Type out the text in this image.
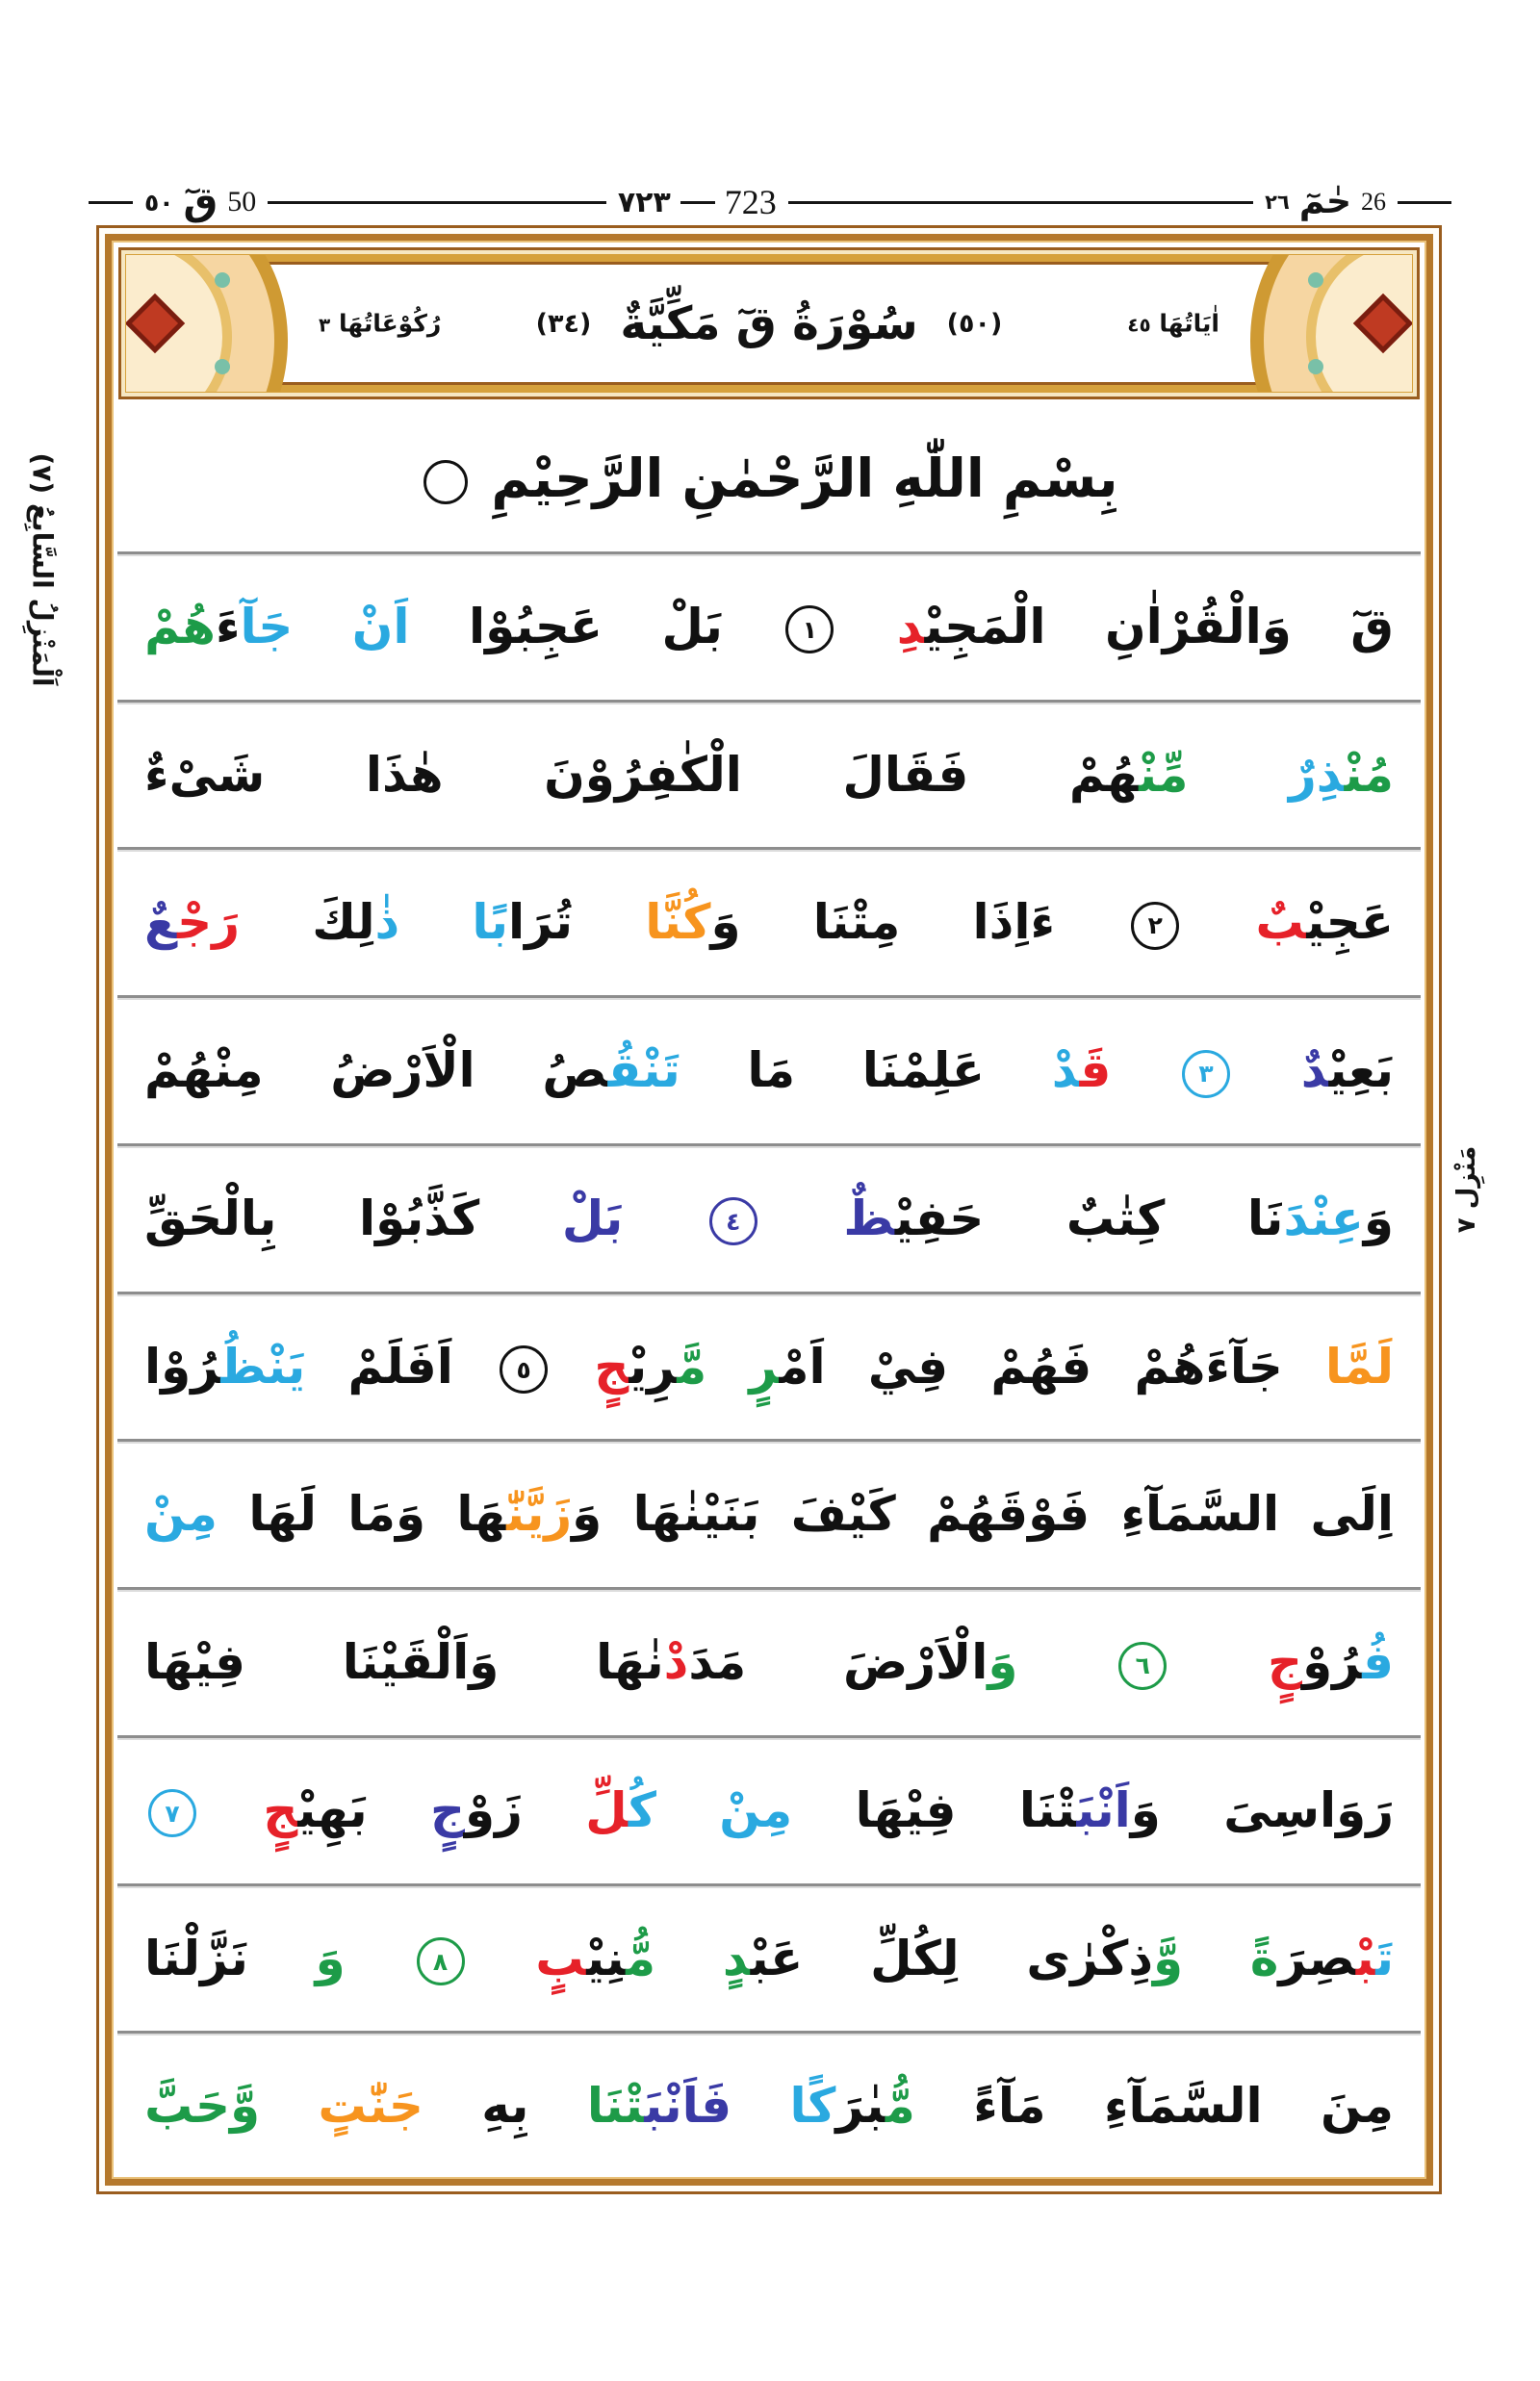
٥٠ قٓ 50	٧٢٣ 723	٢٦ حٰمٓ 26
اٰيَاتُهَا ٤٥
(٥٠)
سُوْرَةُ قٓ مَكِّيَّةٌ
(٣٤)
رُكُوْعَاتُهَا ٣
بِسْمِ اللّٰهِ الرَّحْمٰنِ الرَّحِيْمِ
قٓ
وَالْقُرْاٰنِ
الْمَجِيْدِ
١
بَلْ
عَجِبُوْا
اَنْ
جَآءَهُمْ
مُنْذِرٌ
مِّنْهُمْ
فَقَالَ
الْكٰفِرُوْنَ
هٰذَا
شَىْءٌ
عَجِيْبٌ
٢
ءَاِذَا
مِتْنَا
وَكُنَّا
تُرَابًا
ذٰلِكَ
رَجْعٌ
بَعِيْدٌ
٣
قَدْ
عَلِمْنَا
مَا
تَنْقُصُ
الْاَرْضُ
مِنْهُمْ
وَعِنْدَنَا
كِتٰبٌ
حَفِيْظٌ
٤
بَلْ
كَذَّبُوْا
بِالْحَقِّ
لَمَّا
جَآءَهُمْ
فَهُمْ
فِيْ
اَمْرٍ
مَّرِيْجٍ
٥
اَفَلَمْ
يَنْظُرُوْا
اِلَى
السَّمَآءِ
فَوْقَهُمْ
كَيْفَ
بَنَيْنٰهَا
وَزَيَّنّٰهَا
وَمَا
لَهَا
مِنْ
فُرُوْجٍ
٦
وَالْاَرْضَ
مَدَدْنٰهَا
وَاَلْقَيْنَا
فِيْهَا
رَوَاسِىَ
وَاَنْبَتْنَا
فِيْهَا
مِنْ
كُلِّ
زَوْجٍ
بَهِيْجٍ
٧
تَبْصِرَةً
وَّذِكْرٰى
لِكُلِّ
عَبْدٍ
مُّنِيْبٍ
٨
وَ
نَزَّلْنَا
مِنَ
السَّمَآءِ
مَآءً
مُّبٰرَكًا
فَاَنْبَتْنَا
بِهِ
جَنّٰتٍ
وَّحَبَّ
اَلْمَنْزِلُ السَّابِعُ (٧)
مَنْزِل ٧
